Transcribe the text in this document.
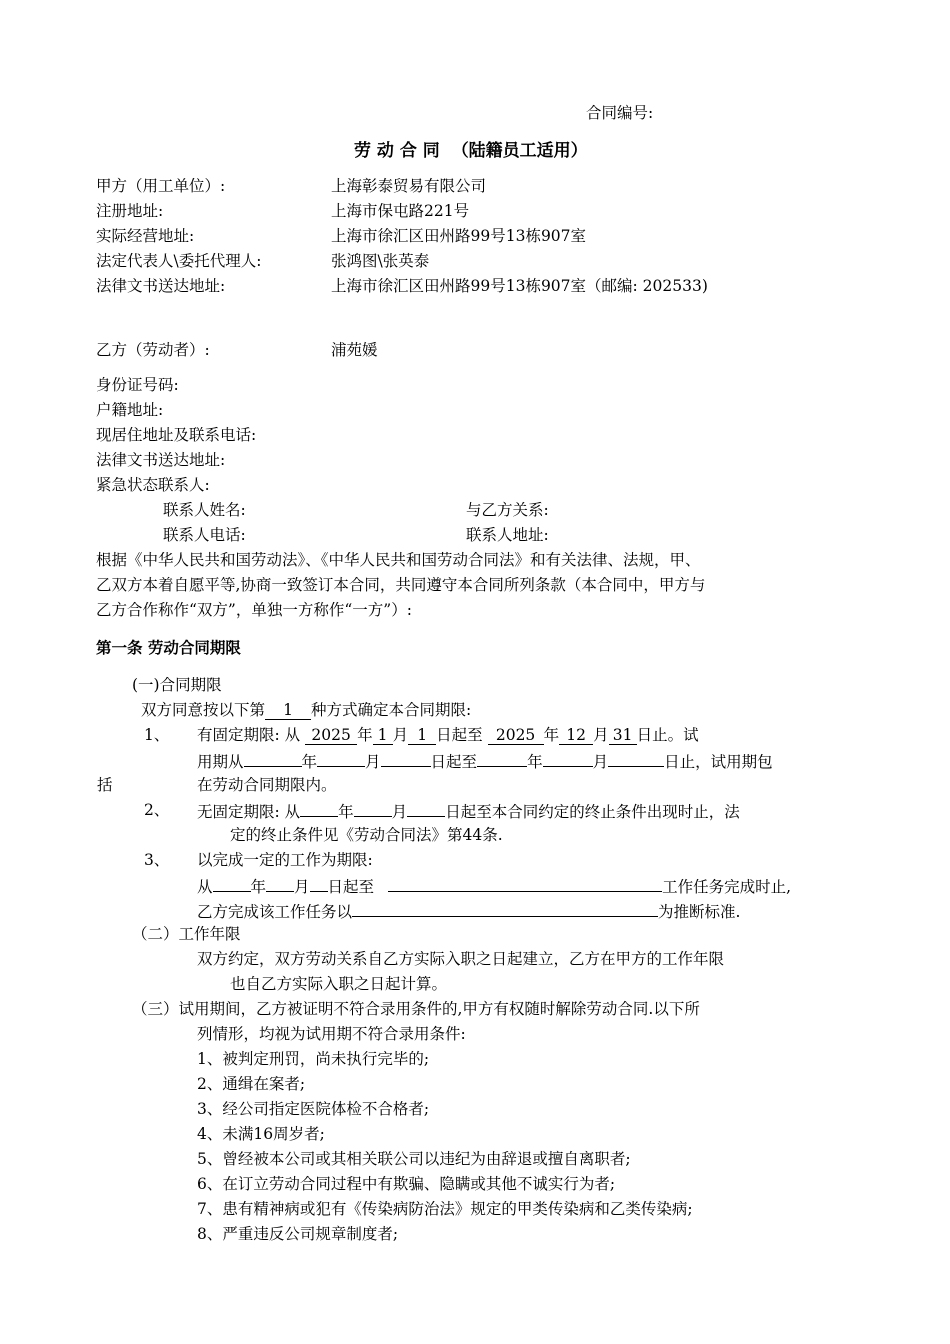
合同编号:
劳 动 合 同 （陆籍员工适用）
甲方（用工单位）:	上海彰泰贸易有限公司
注册地址:	上海市保屯路221号
实际经营地址:	上海市徐汇区田州路99号13栋907室
法定代表人\委托代理人:	张鸿图\张英泰
法律文书送达地址:	上海市徐汇区田州路99号13栋907室（邮编: 202533)
乙方（劳动者）:	浦苑媛
身份证号码:
户籍地址:
现居住地址及联系电话:
法律文书送达地址:
紧急状态联系人:
联系人姓名:	与乙方关系:
联系人电话:	联系人地址:
根据《中华人民共和国劳动法》、《中华人民共和国劳动合同法》和有关法律、法规，甲、
乙双方本着自愿平等,协商一致签订本合同，共同遵守本合同所列条款（本合同中，甲方与
乙方合作称作“双方”，单独一方称作“一方”）:
第一条 劳动合同期限
(一)合同期限
双方同意按以下第 1 种方式确定本合同期限:
1、 有固定期限: 从 2025 年 1 月 1 日起至 2025 年 12 月 31 日止。试
用期从	年	月	日起至	年	月	日止，试用期包
括	在劳动合同期限内。
2、 无固定期限: 从 年 月 日起至本合同约定的终止条件出现时止，法
定的终止条件见《劳动合同法》第44条.
3、 以完成一定的工作为期限:
从 年 月 日起至	工作任务完成时止,
乙方完成该工作任务以	为推断标准.
（二）工作年限
双方约定，双方劳动关系自乙方实际入职之日起建立，乙方在甲方的工作年限
也自乙方实际入职之日起计算。
（三）试用期间，乙方被证明不符合录用条件的,甲方有权随时解除劳动合同.以下所
列情形，均视为试用期不符合录用条件:
1、被判定刑罚，尚未执行完毕的;
2、通缉在案者;
3、经公司指定医院体检不合格者;
4、未满16周岁者;
5、曾经被本公司或其相关联公司以违纪为由辞退或擅自离职者;
6、在订立劳动合同过程中有欺骗、隐瞒或其他不诚实行为者;
7、患有精神病或犯有《传染病防治法》规定的甲类传染病和乙类传染病;
8、严重违反公司规章制度者;
